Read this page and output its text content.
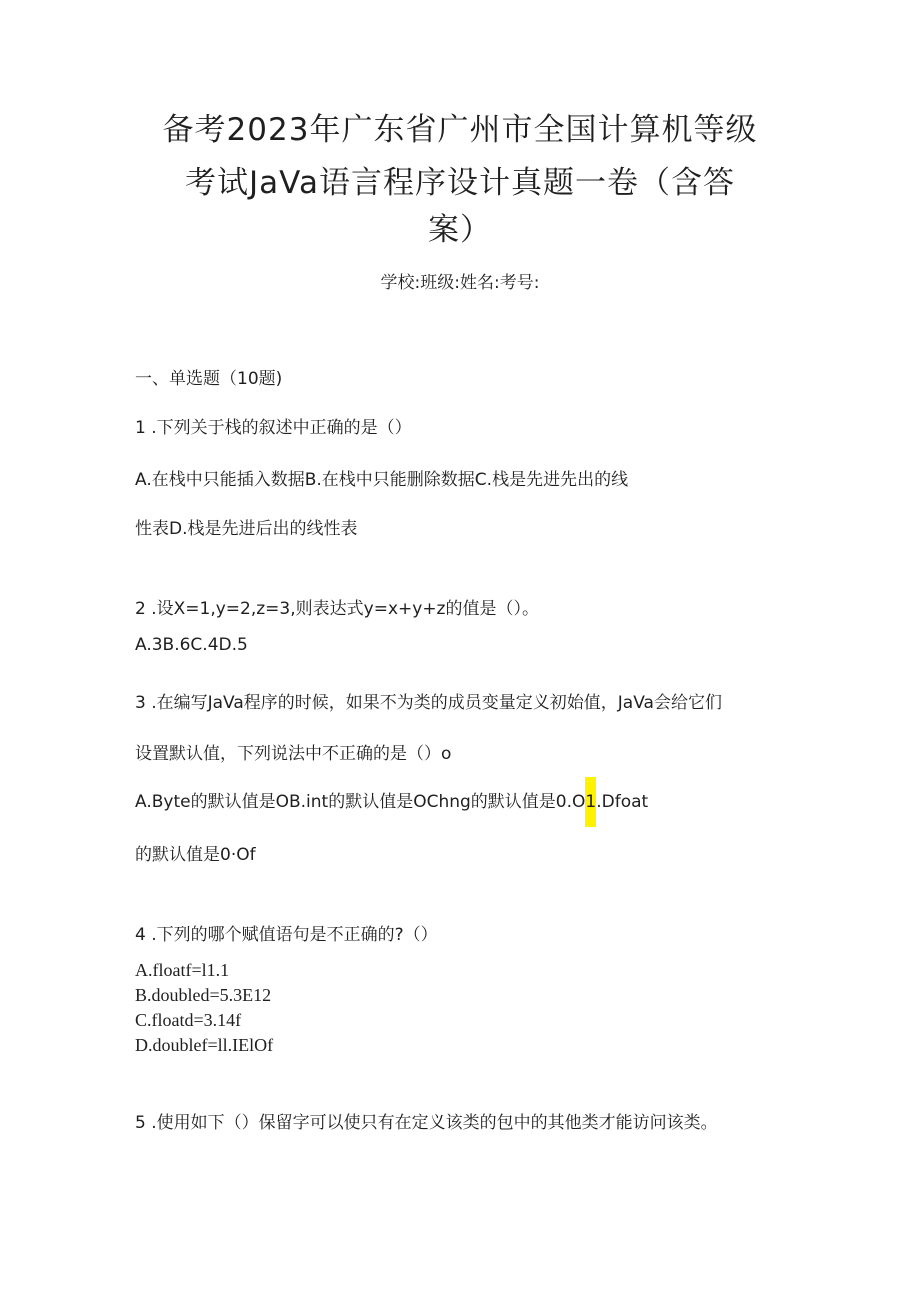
备考2023年广东省广州市全国计算机等级
考试JaVa语言程序设计真题一卷（含答
案）
学校:班级:姓名:考号:
一、单选题（10题)
1 .下列关于栈的叙述中正确的是（）
A.在栈中只能插入数据B.在栈中只能删除数据C.栈是先进先出的线
性表D.栈是先进后出的线性表
2 .设X=1,y=2,z=3,则表达式y=x+y+z的值是（）。
A.3B.6C.4D.5
3 .在编写JaVa程序的时候，如果不为类的成员变量定义初始值，JaVa会给它们
设置默认值，下列说法中不正确的是（）o
A.Byte的默认值是OB.int的默认值是OChng的默认值是0.O1.Dfoat
的默认值是0·Of
4 .下列的哪个赋值语句是不正确的?（）
A.floatf=l1.1
B.doubled=5.3E12
C.floatd=3.14f
D.doublef=ll.IElOf
5 .使用如下（）保留字可以使只有在定义该类的包中的其他类才能访问该类。
